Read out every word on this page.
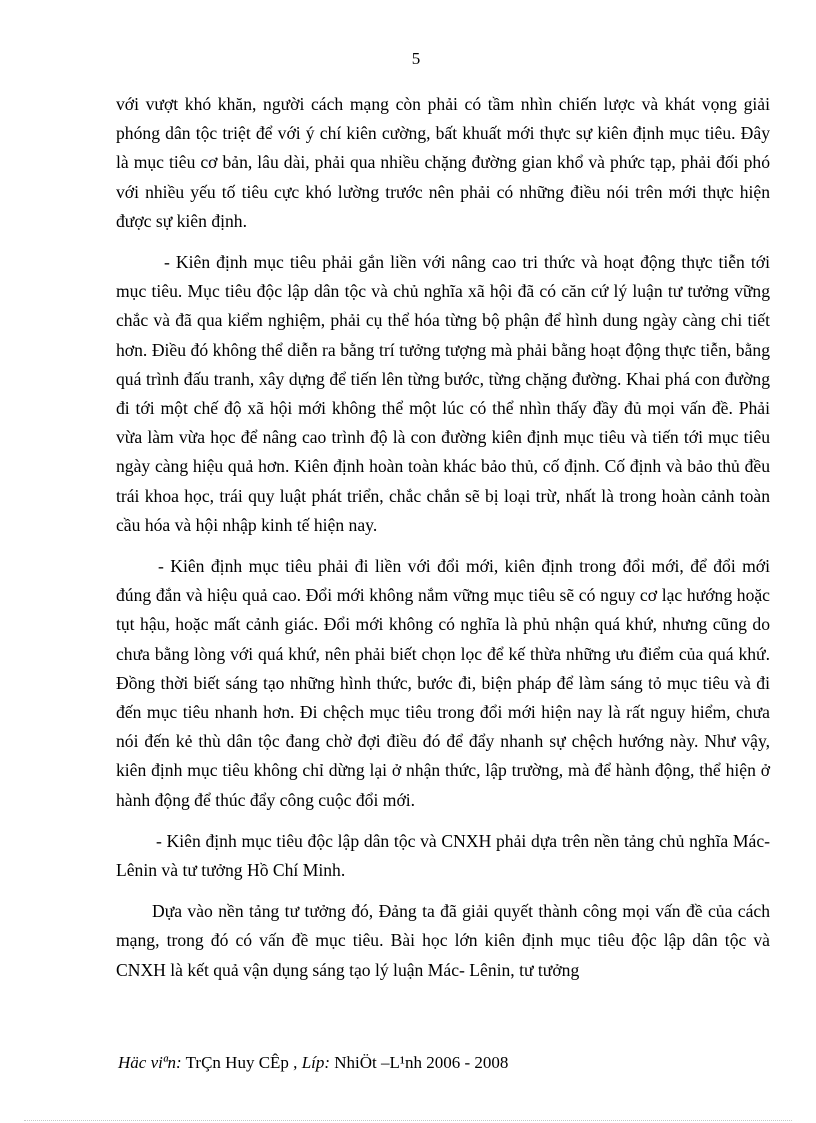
5

với vượt khó khăn, người cách mạng còn phải có tầm nhìn chiến lược và khát vọng giải phóng dân tộc triệt để với ý chí kiên cường, bất khuất mới thực sự kiên định mục tiêu. Đây là mục tiêu cơ bản, lâu dài, phải qua nhiều chặng đường gian khổ và phức tạp, phải đối phó với nhiều yếu tố tiêu cực khó lường trước nên phải có những điều nói trên mới thực hiện được sự kiên định.

- Kiên định mục tiêu phải gắn liền với nâng cao tri thức và hoạt động thực tiễn tới mục tiêu. Mục tiêu độc lập dân tộc và chủ nghĩa xã hội đã có căn cứ lý luận tư tưởng vững chắc và đã qua kiểm nghiệm, phải cụ thể hóa từng bộ phận để hình dung ngày càng chi tiết hơn. Điều đó không thể diễn ra bằng trí tưởng tượng mà phải bằng hoạt động thực tiễn, bằng quá trình đấu tranh, xây dựng để tiến lên từng bước, từng chặng đường. Khai phá con đường đi tới một chế độ xã hội mới không thể một lúc có thể nhìn thấy đầy đủ mọi vấn đề. Phải vừa làm vừa học để nâng cao trình độ là con đường kiên định mục tiêu và tiến tới mục tiêu ngày càng hiệu quả hơn. Kiên định hoàn toàn khác bảo thủ, cố định. Cố định và bảo thủ đều trái khoa học, trái quy luật phát triển, chắc chắn sẽ bị loại trừ, nhất là trong hoàn cảnh toàn cầu hóa và hội nhập kinh tế hiện nay.

- Kiên định mục tiêu phải đi liền với đổi mới, kiên định trong đổi mới, để đổi mới đúng đắn và hiệu quả cao. Đổi mới không nắm vững mục tiêu sẽ có nguy cơ lạc hướng hoặc tụt hậu, hoặc mất cảnh giác. Đổi mới không có nghĩa là phủ nhận quá khứ, nhưng cũng do chưa bằng lòng với quá khứ, nên phải biết chọn lọc để kế thừa những ưu điểm của quá khứ. Đồng thời biết sáng tạo những hình thức, bước đi, biện pháp để làm sáng tỏ mục tiêu và đi đến mục tiêu nhanh hơn. Đi chệch mục tiêu trong đổi mới hiện nay là rất nguy hiểm, chưa nói đến kẻ thù dân tộc đang chờ đợi điều đó để đẩy nhanh sự chệch hướng này. Như vậy, kiên định mục tiêu không chỉ dừng lại ở nhận thức, lập trường, mà để hành động, thể hiện ở hành động để thúc đẩy công cuộc đổi mới.

- Kiên định mục tiêu độc lập dân tộc và CNXH phải dựa trên nền tảng chủ nghĩa Mác- Lênin và tư tưởng Hồ Chí Minh.

Dựa vào nền tảng tư tưởng đó, Đảng ta đã giải quyết thành công mọi vấn đề của cách mạng, trong đó có vấn đề mục tiêu. Bài học lớn kiên định mục tiêu độc lập dân tộc và CNXH là kết quả vận dụng sáng tạo lý luận Mác- Lênin, tư tưởng

Häc viªn: TrÇn Huy CÊp , Líp: NhiÖt –L¹nh 2006 - 2008
